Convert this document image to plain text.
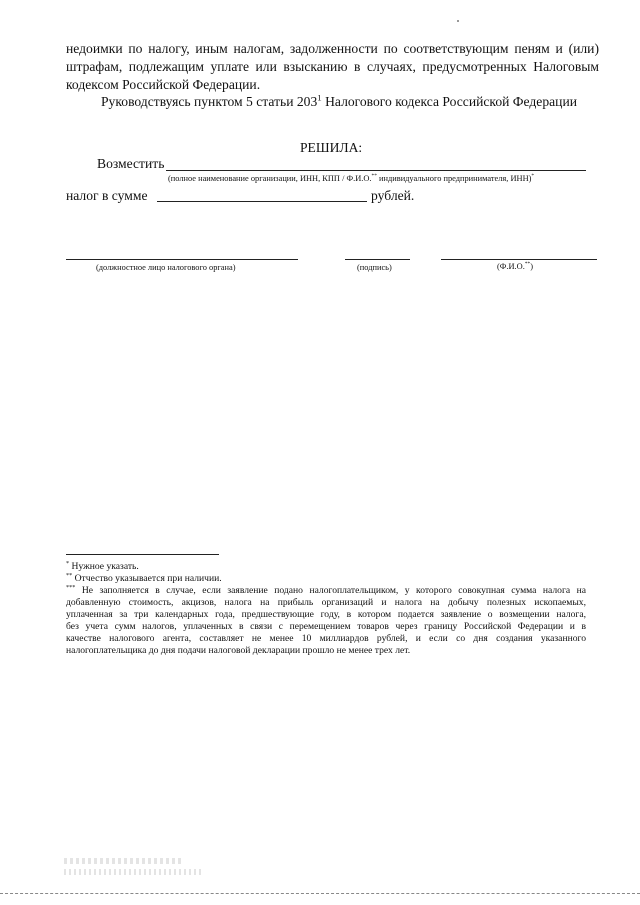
недоимки по налогу, иным налогам, задолженности по соответствующим пеням и (или)
штрафам, подлежащим уплате или взысканию в случаях, предусмотренных Налоговым
кодексом Российской Федерации.
Руководствуясь пунктом 5 статьи $203^1$ Налогового кодекса Российской Федерации
РЕШИЛА:
Возместить
(полное наименование организации, ИНН, КПП / Ф.И.О.** индивидуального предпринимателя, ИНН)*
налог в сумме	рублей.
(должностное лицо налогового органа)	(подпись)	(Ф.И.О.**)
* Нужное указать.
** Отчество указывается при наличии.
*** Не заполняется в случае, если заявление подано налогоплательщиком, у которого совокупная сумма налога на
добавленную стоимость, акцизов, налога на прибыль организаций и налога на добычу полезных ископаемых,
уплаченная за три календарных года, предшествующие году, в котором подается заявление о возмещении налога,
без учета сумм налогов, уплаченных в связи с перемещением товаров через границу Российской Федерации и в
качестве налогового агента, составляет не менее 10 миллиардов рублей, и если со дня создания указанного
налогоплательщика до дня подачи налоговой декларации прошло не менее трех лет.
